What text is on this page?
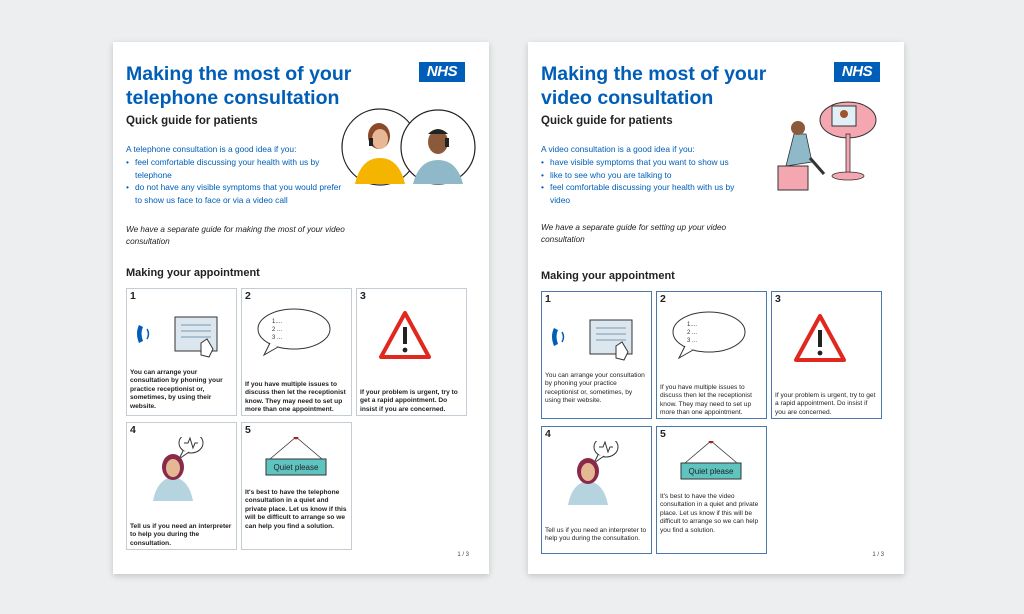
Making the most of your telephone consultation
NHS
Quick guide for patients
A telephone consultation is a good idea if you:
• feel comfortable discussing your health with us by telephone
• do not have any visible symptoms that you would prefer to show us face to face or via a video call
We have a separate guide for making the most of your video consultation
Making your appointment
1
You can arrange your consultation by phoning your practice receptionist or, sometimes, by using their website.
2
1....
2 ...
3 ...
If you have multiple issues to discuss then let the receptionist know. They may need to set up more than one appointment.
3
If your problem is urgent, try to get a rapid appointment. Do insist if you are concerned.
4
Tell us if you need an interpreter to help you during the consultation.
5
Quiet please
It's best to have the telephone consultation in a quiet and private place. Let us know if this will be difficult to arrange so we can help you find a solution.
1 / 3
Making the most of your video consultation
NHS
Quick guide for patients
A video consultation is a good idea if you:
• have visible symptoms that you want to show us
• like to see who you are talking to
• feel comfortable discussing your health with us by video
We have a separate guide for setting up your video consultation
Making your appointment
1
You can arrange your consultation by phoning your practice receptionist or, sometimes, by using their website.
2
1....
2 ...
3 ...
If you have multiple issues to discuss then let the receptionist know. They may need to set up more than one appointment.
3
If your problem is urgent, try to get a rapid appointment. Do insist if you are concerned.
4
Tell us if you need an interpreter to help you during the consultation.
5
Quiet please
It's best to have the video consultation in a quiet and private place. Let us know if this will be difficult to arrange so we can help you find a solution.
1 / 3
